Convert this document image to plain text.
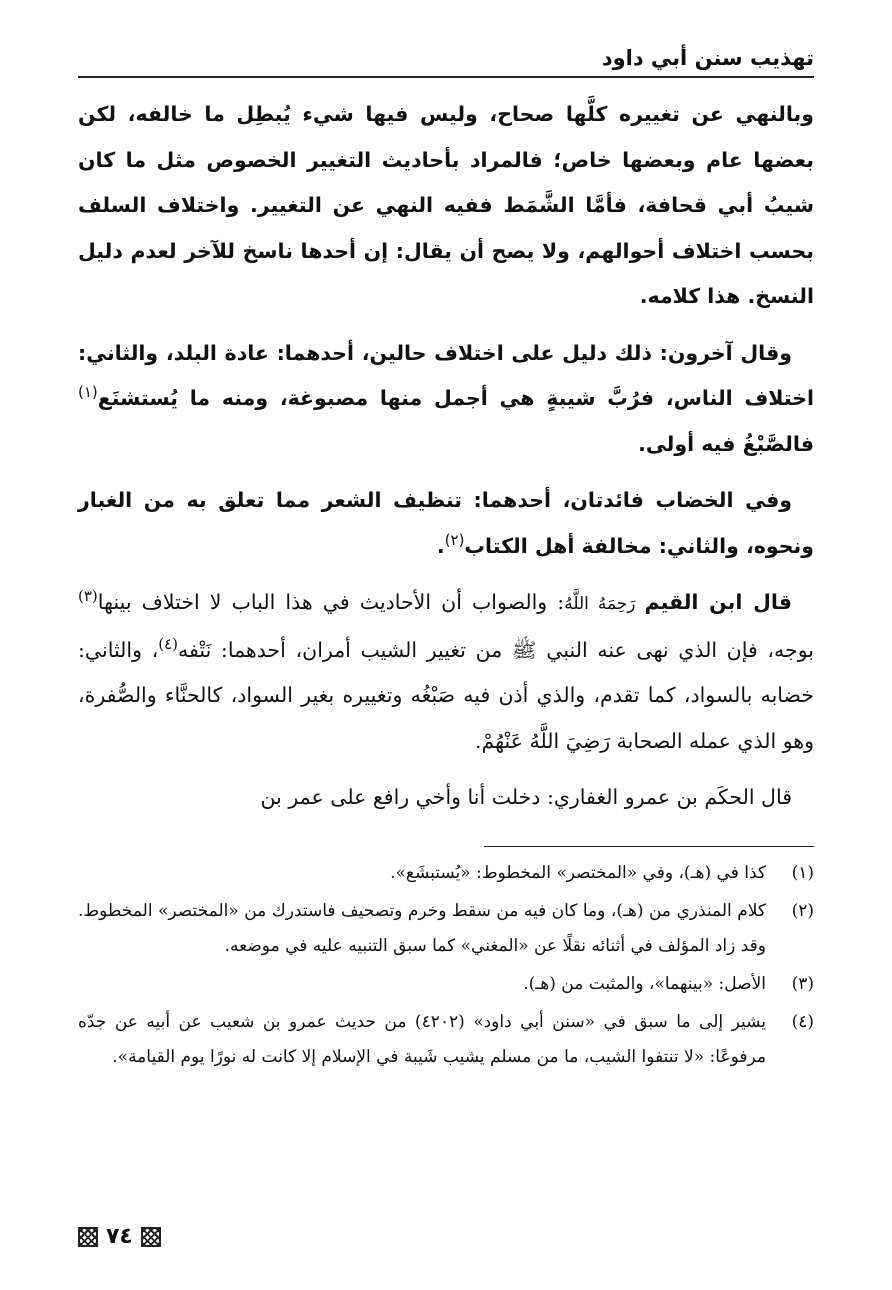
تهذيب سنن أبي داود

وبالنهي عن تغييره كلَّها صحاح، وليس فيها شيء يُبطِل ما خالفه، لكن بعضها عام وبعضها خاص؛ فالمراد بأحاديث التغيير الخصوص مثل ما كان شيبُ أبي قحافة، فأمَّا الشَّمَط ففيه النهي عن التغيير. واختلاف السلف بحسب اختلاف أحوالهم، ولا يصح أن يقال: إن أحدها ناسخ للآخر لعدم دليل النسخ. هذا كلامه.

وقال آخرون: ذلك دليل على اختلاف حالين، أحدهما: عادة البلد، والثاني: اختلاف الناس، فرُبَّ شيبةٍ هي أجمل منها مصبوغة، ومنه ما يُستشنَع$^{(١)}$ فالصَّبْغُ فيه أولى.

وفي الخضاب فائدتان، أحدهما: تنظيف الشعر مما تعلق به من الغبار ونحوه، والثاني: مخالفة أهل الكتاب$^{(٢)}$.

قال ابن القيم رَحِمَهُ اللَّهُ: والصواب أن الأحاديث في هذا الباب لا اختلاف بينها$^{(٣)}$ بوجه، فإن الذي نهى عنه النبي ﷺ من تغيير الشيب أمران، أحدهما: نَتْفه$^{(٤)}$، والثاني: خضابه بالسواد، كما تقدم، والذي أذن فيه صَبْغُه وتغييره بغير السواد، كالحنَّاء والصُّفرة، وهو الذي عمله الصحابة رَضِيَ اللَّهُ عَنْهُمْ.

قال الحكَم بن عمرو الغفاري: دخلت أنا وأخي رافع على عمر بن

(١)
كذا في (هـ)، وفي «المختصر» المخطوط: «يُستبشَع».
(٢)
كلام المنذري من (هـ)، وما كان فيه من سقط وخرم وتصحيف فاستدرك من «المختصر» المخطوط. وقد زاد المؤلف في أثنائه نقلًا عن «المغني» كما سبق التنبيه عليه في موضعه.
(٣)
الأصل: «بينهما»، والمثبت من (هـ).
(٤)
يشير إلى ما سبق في «سنن أبي داود» (٤٢٠٢) من حديث عمرو بن شعيب عن أبيه عن جدّه مرفوعًا: «لا تنتفوا الشيب، ما من مسلم يشيب شَيبة في الإسلام إلا كانت له نورًا يوم القيامة».
٧٤
